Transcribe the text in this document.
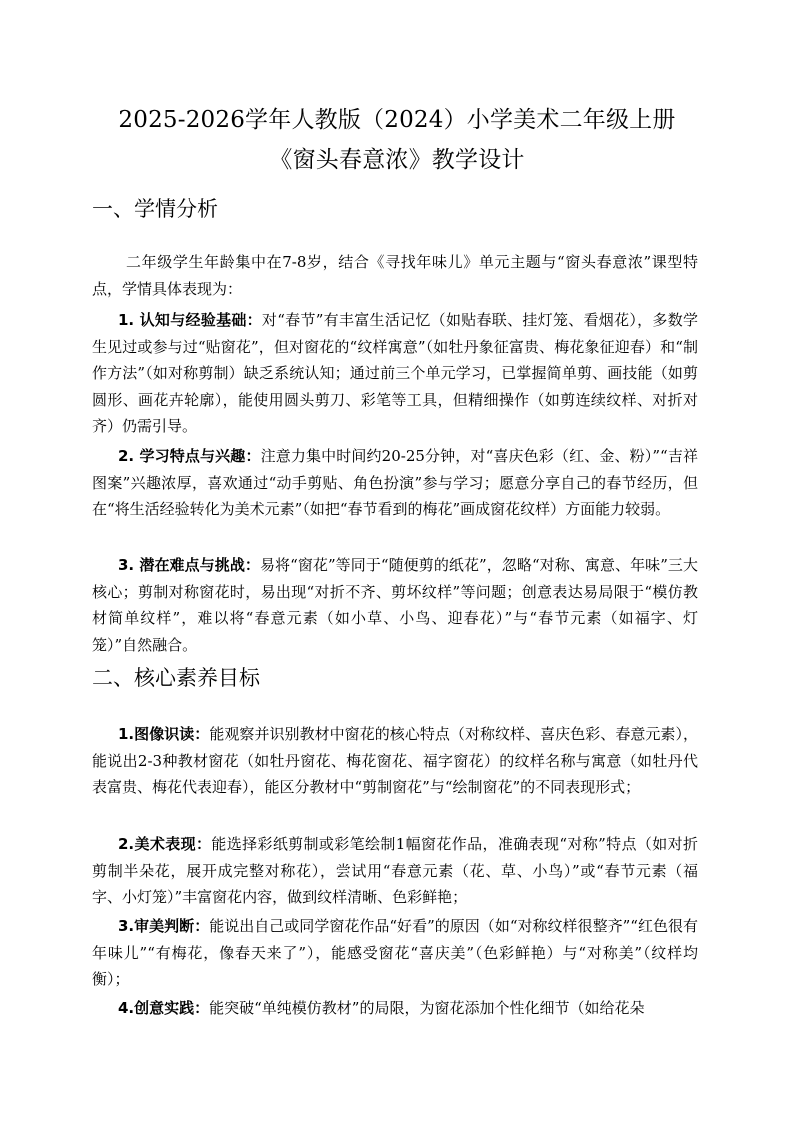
2025-2026学年人教版（2024）小学美术二年级上册
《窗头春意浓》教学设计
一、学情分析

二年级学生年龄集中在7-8岁，结合《寻找年味儿》单元主题与“窗头春意浓”课型特点，学情具体表现为：

1. 认知与经验基础：对“春节”有丰富生活记忆（如贴春联、挂灯笼、看烟花），多数学生见过或参与过“贴窗花”，但对窗花的“纹样寓意”（如牡丹象征富贵、梅花象征迎春）和“制作方法”（如对称剪制）缺乏系统认知；通过前三个单元学习，已掌握简单剪、画技能（如剪圆形、画花卉轮廓），能使用圆头剪刀、彩笔等工具，但精细操作（如剪连续纹样、对折对齐）仍需引导。

2. 学习特点与兴趣：注意力集中时间约20-25分钟，对“喜庆色彩（红、金、粉）”“吉祥图案”兴趣浓厚，喜欢通过“动手剪贴、角色扮演”参与学习；愿意分享自己的春节经历，但在“将生活经验转化为美术元素”（如把“春节看到的梅花”画成窗花纹样）方面能力较弱。

3. 潜在难点与挑战：易将“窗花”等同于“随便剪的纸花”，忽略“对称、寓意、年味”三大核心；剪制对称窗花时，易出现“对折不齐、剪坏纹样”等问题；创意表达易局限于“模仿教材简单纹样”，难以将“春意元素（如小草、小鸟、迎春花）”与“春节元素（如福字、灯笼）”自然融合。

二、核心素养目标

1.图像识读：能观察并识别教材中窗花的核心特点（对称纹样、喜庆色彩、春意元素），能说出2-3种教材窗花（如牡丹窗花、梅花窗花、福字窗花）的纹样名称与寓意（如牡丹代表富贵、梅花代表迎春），能区分教材中“剪制窗花”与“绘制窗花”的不同表现形式；

2.美术表现：能选择彩纸剪制或彩笔绘制1幅窗花作品，准确表现“对称”特点（如对折剪制半朵花，展开成完整对称花），尝试用“春意元素（花、草、小鸟）”或“春节元素（福字、小灯笼）”丰富窗花内容，做到纹样清晰、色彩鲜艳；

3.审美判断：能说出自己或同学窗花作品“好看”的原因（如“对称纹样很整齐”“红色很有年味儿”“有梅花，像春天来了”），能感受窗花“喜庆美”（色彩鲜艳）与“对称美”（纹样均衡）；

4.创意实践：能突破“单纯模仿教材”的局限，为窗花添加个性化细节（如给花朵
